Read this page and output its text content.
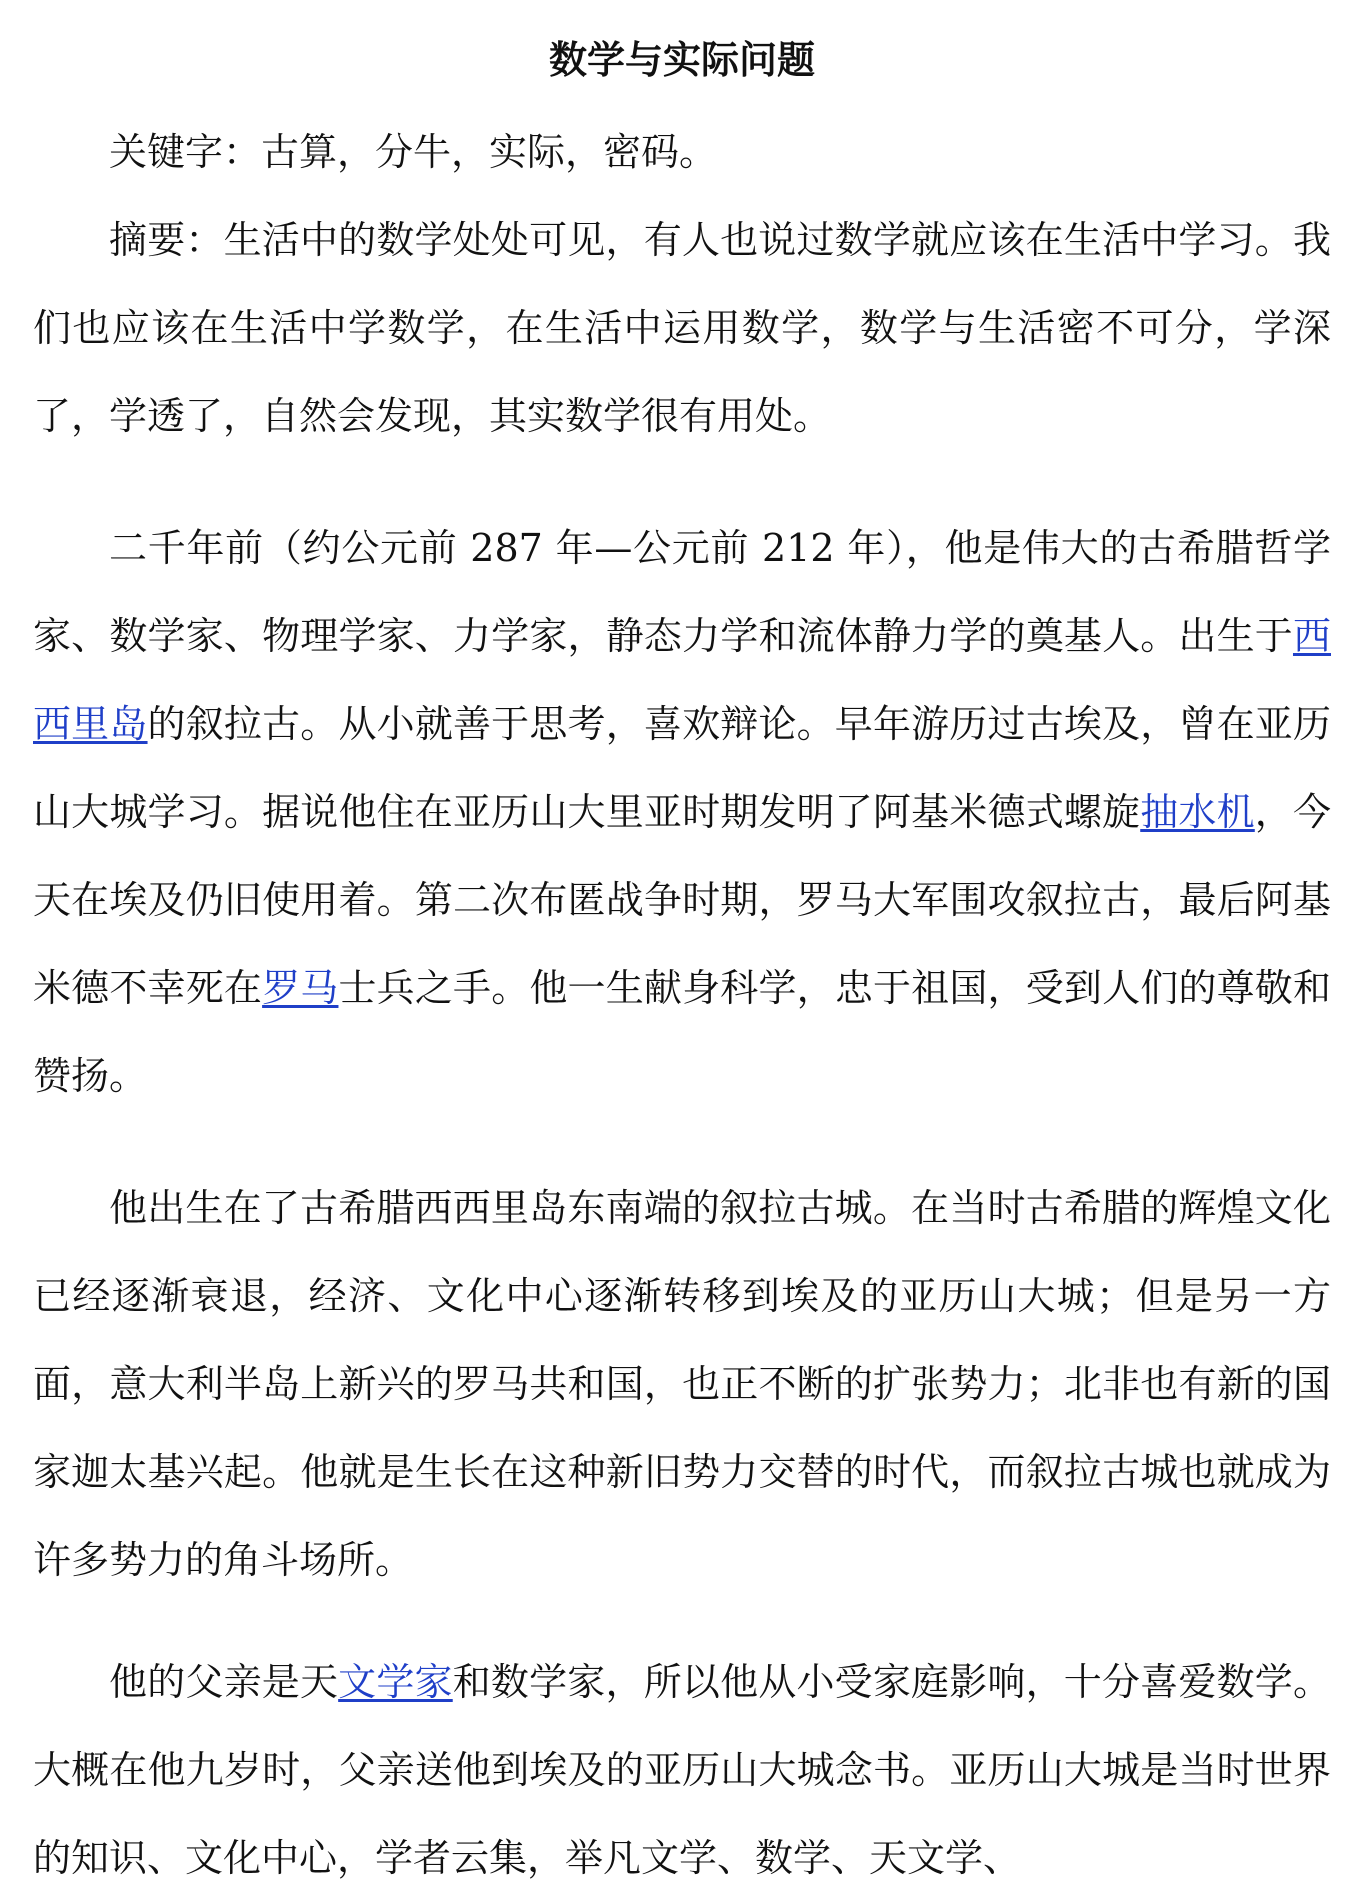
数学与实际问题

关键字：古算，分牛，实际，密码。

摘要：生活中的数学处处可见，有人也说过数学就应该在生活中学习。我们也应该在生活中学数学，在生活中运用数学，数学与生活密不可分，学深了，学透了，自然会发现，其实数学很有用处。

二千年前（约公元前 287 年—公元前 212 年），他是伟大的古希腊哲学家、数学家、物理学家、力学家，静态力学和流体静力学的奠基人。出生于西西里岛的叙拉古。从小就善于思考，喜欢辩论。早年游历过古埃及，曾在亚历山大城学习。据说他住在亚历山大里亚时期发明了阿基米德式螺旋抽水机，今天在埃及仍旧使用着。第二次布匿战争时期，罗马大军围攻叙拉古，最后阿基米德不幸死在罗马士兵之手。他一生献身科学，忠于祖国，受到人们的尊敬和赞扬。

他出生在了古希腊西西里岛东南端的叙拉古城。在当时古希腊的辉煌文化已经逐渐衰退，经济、文化中心逐渐转移到埃及的亚历山大城；但是另一方面，意大利半岛上新兴的罗马共和国，也正不断的扩张势力；北非也有新的国家迦太基兴起。他就是生长在这种新旧势力交替的时代，而叙拉古城也就成为许多势力的角斗场所。

他的父亲是天文学家和数学家，所以他从小受家庭影响，十分喜爱数学。大概在他九岁时，父亲送他到埃及的亚历山大城念书。亚历山大城是当时世界的知识、文化中心，学者云集，举凡文学、数学、天文学、
